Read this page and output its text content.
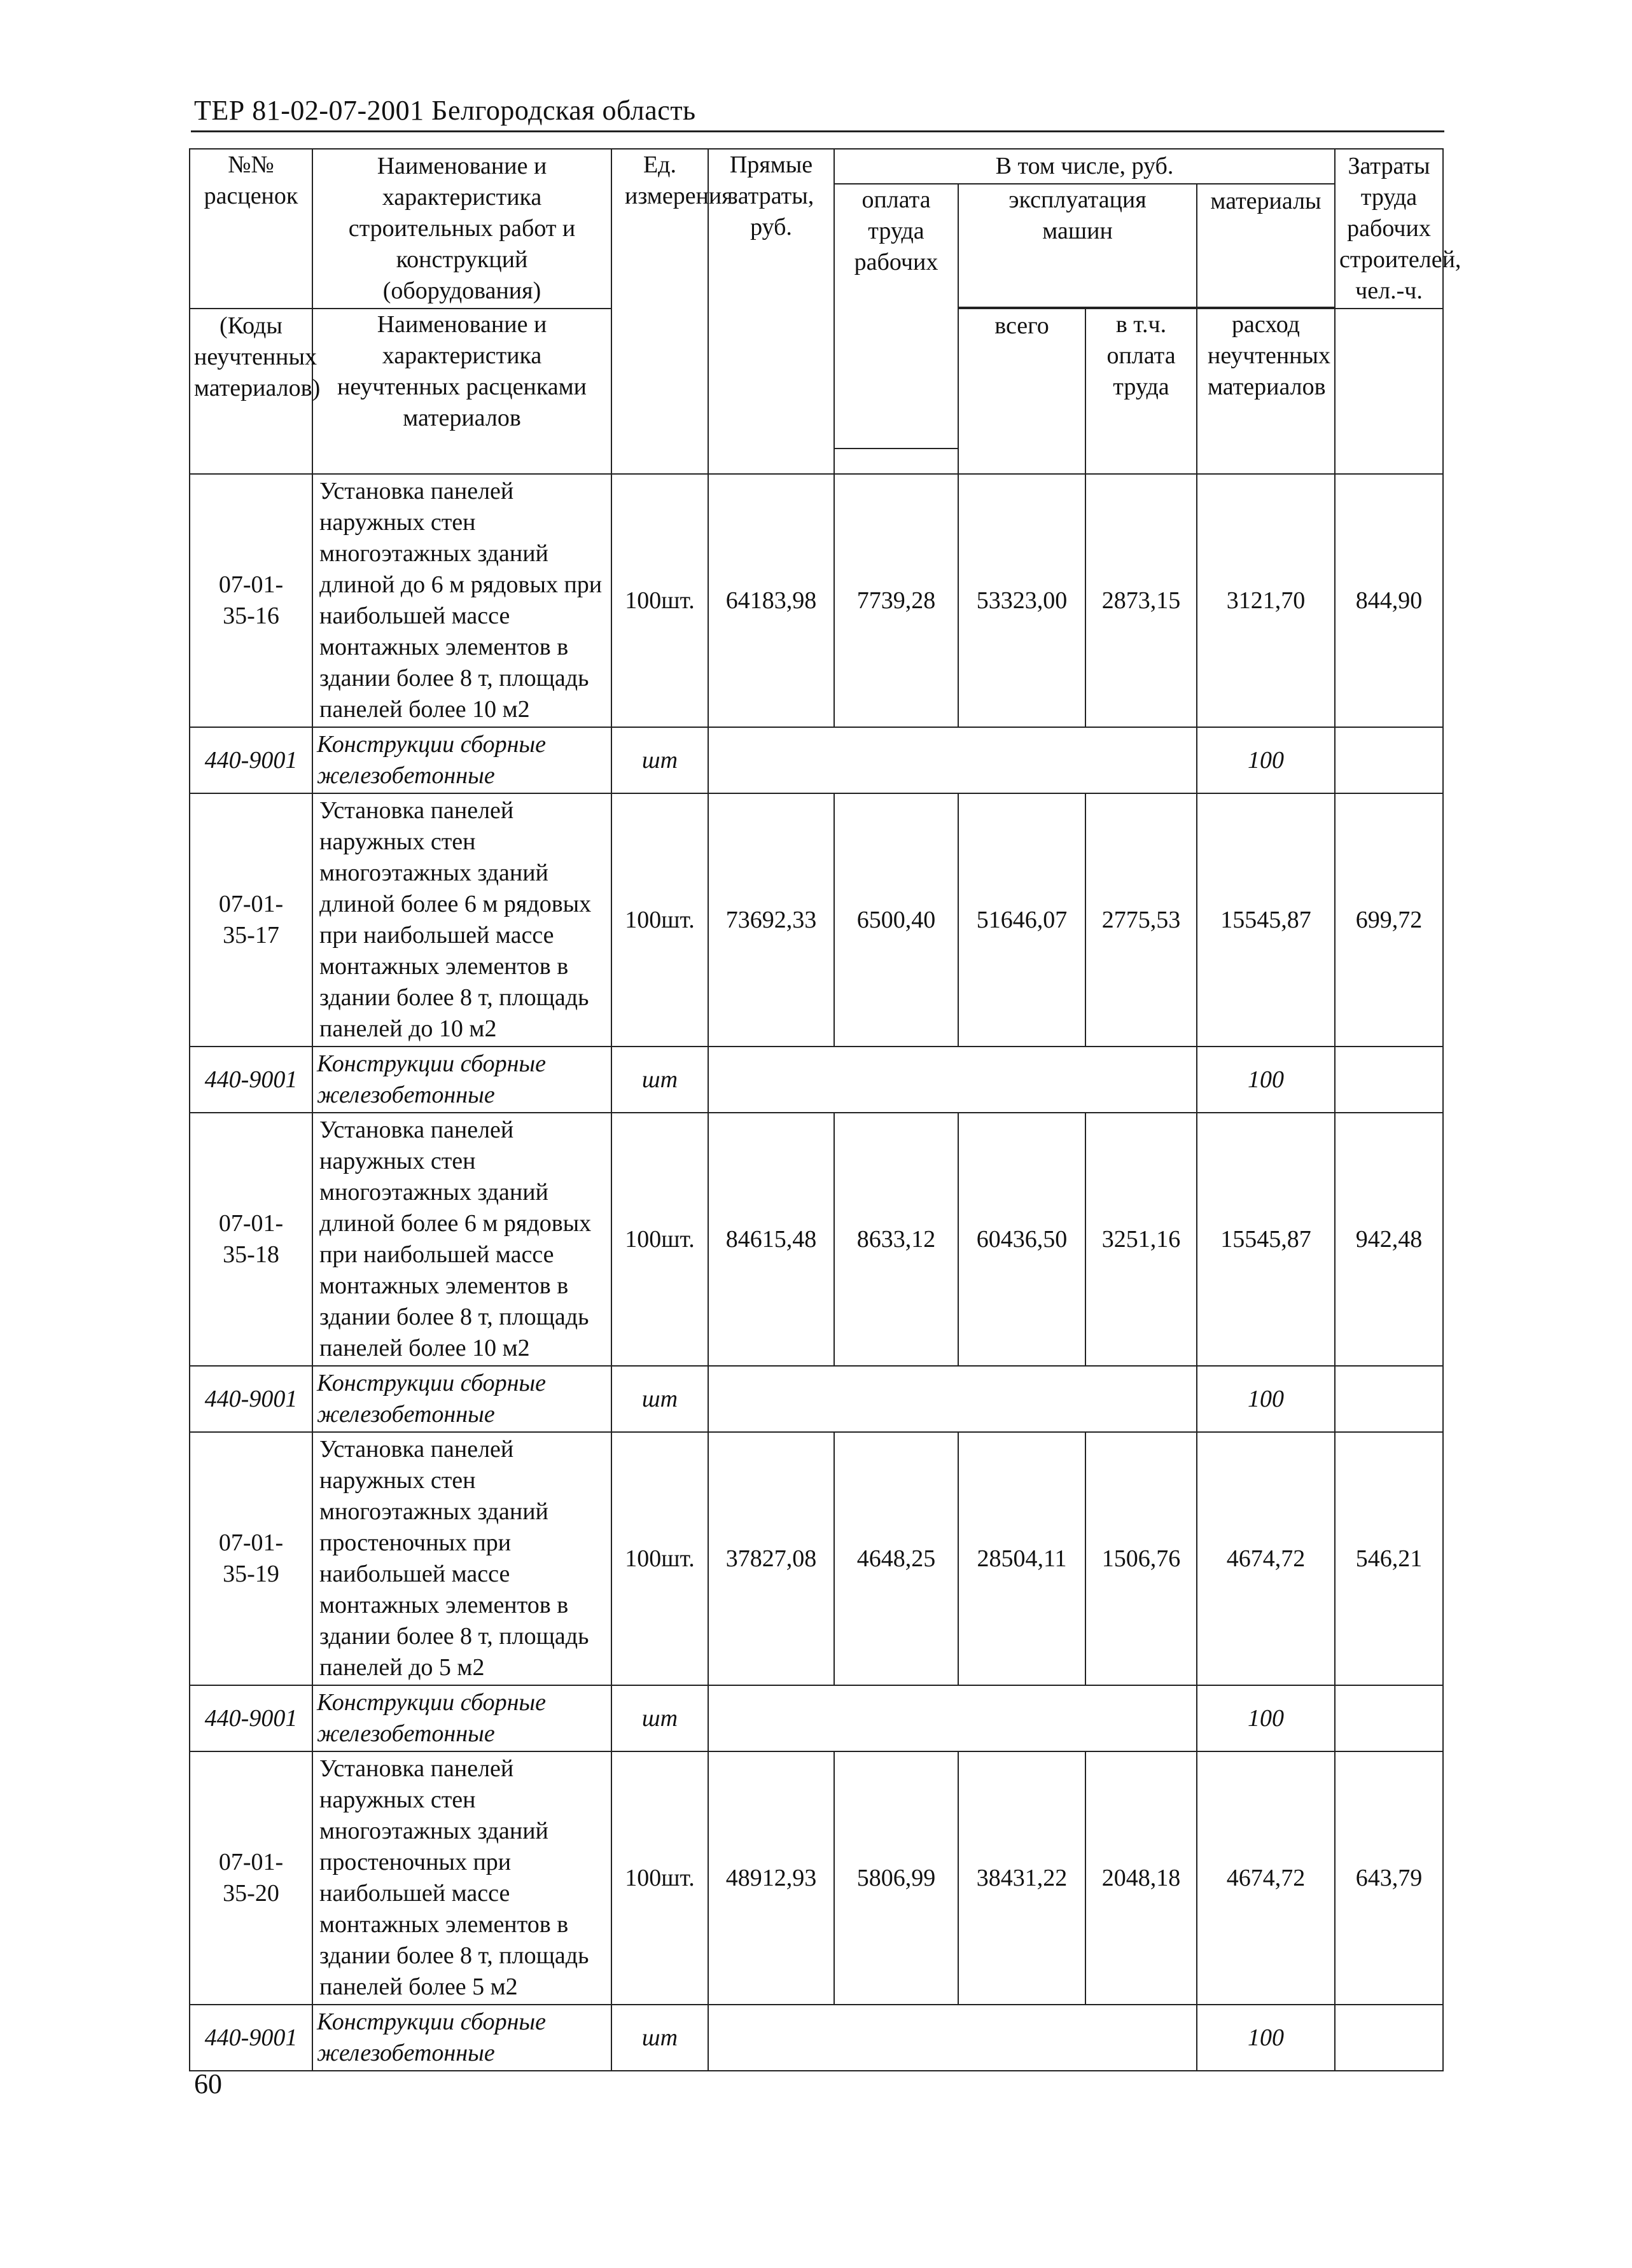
ТЕР 81-02-07-2001 Белгородская область
№№ расценок	Наименование и характеристика строительных работ и конструкций (оборудования)	Ед. измерения	Прямые затраты, руб.	В том числе, руб.				Затраты труда рабочих строителей, чел.-ч.
				оплата труда рабочих	эксплуатация машин		материалы	

(Коды неучтенных материалов)	Наименование и характеристика неучтенных расценками материалов				всего	в т.ч. оплата труда	расход неучтенных материалов	

07-01-35-16	Установка панелей наружных стен многоэтажных зданий длиной до 6 м рядовых при наибольшей массе монтажных элементов в здании более 8 т, площадь панелей более 10 м2	100шт.	64183,98	7739,28	53323,00	2873,15	3121,70	844,90
440-9001	Конструкции сборные железобетонные	шт					100	
07-01-35-17	Установка панелей наружных стен многоэтажных зданий длиной более 6 м рядовых при наибольшей массе монтажных элементов в здании более 8 т, площадь панелей до 10 м2	100шт.	73692,33	6500,40	51646,07	2775,53	15545,87	699,72
440-9001	Конструкции сборные железобетонные	шт					100	
07-01-35-18	Установка панелей наружных стен многоэтажных зданий длиной более 6 м рядовых при наибольшей массе монтажных элементов в здании более 8 т, площадь панелей более 10 м2	100шт.	84615,48	8633,12	60436,50	3251,16	15545,87	942,48
440-9001	Конструкции сборные железобетонные	шт					100	
07-01-35-19	Установка панелей наружных стен многоэтажных зданий простеночных при наибольшей массе монтажных элементов в здании более 8 т, площадь панелей до 5 м2	100шт.	37827,08	4648,25	28504,11	1506,76	4674,72	546,21
440-9001	Конструкции сборные железобетонные	шт					100	
07-01-35-20	Установка панелей наружных стен многоэтажных зданий простеночных при наибольшей массе монтажных элементов в здании более 8 т, площадь панелей более 5 м2	100шт.	48912,93	5806,99	38431,22	2048,18	4674,72	643,79
440-9001	Конструкции сборные железобетонные	шт					100	
60
